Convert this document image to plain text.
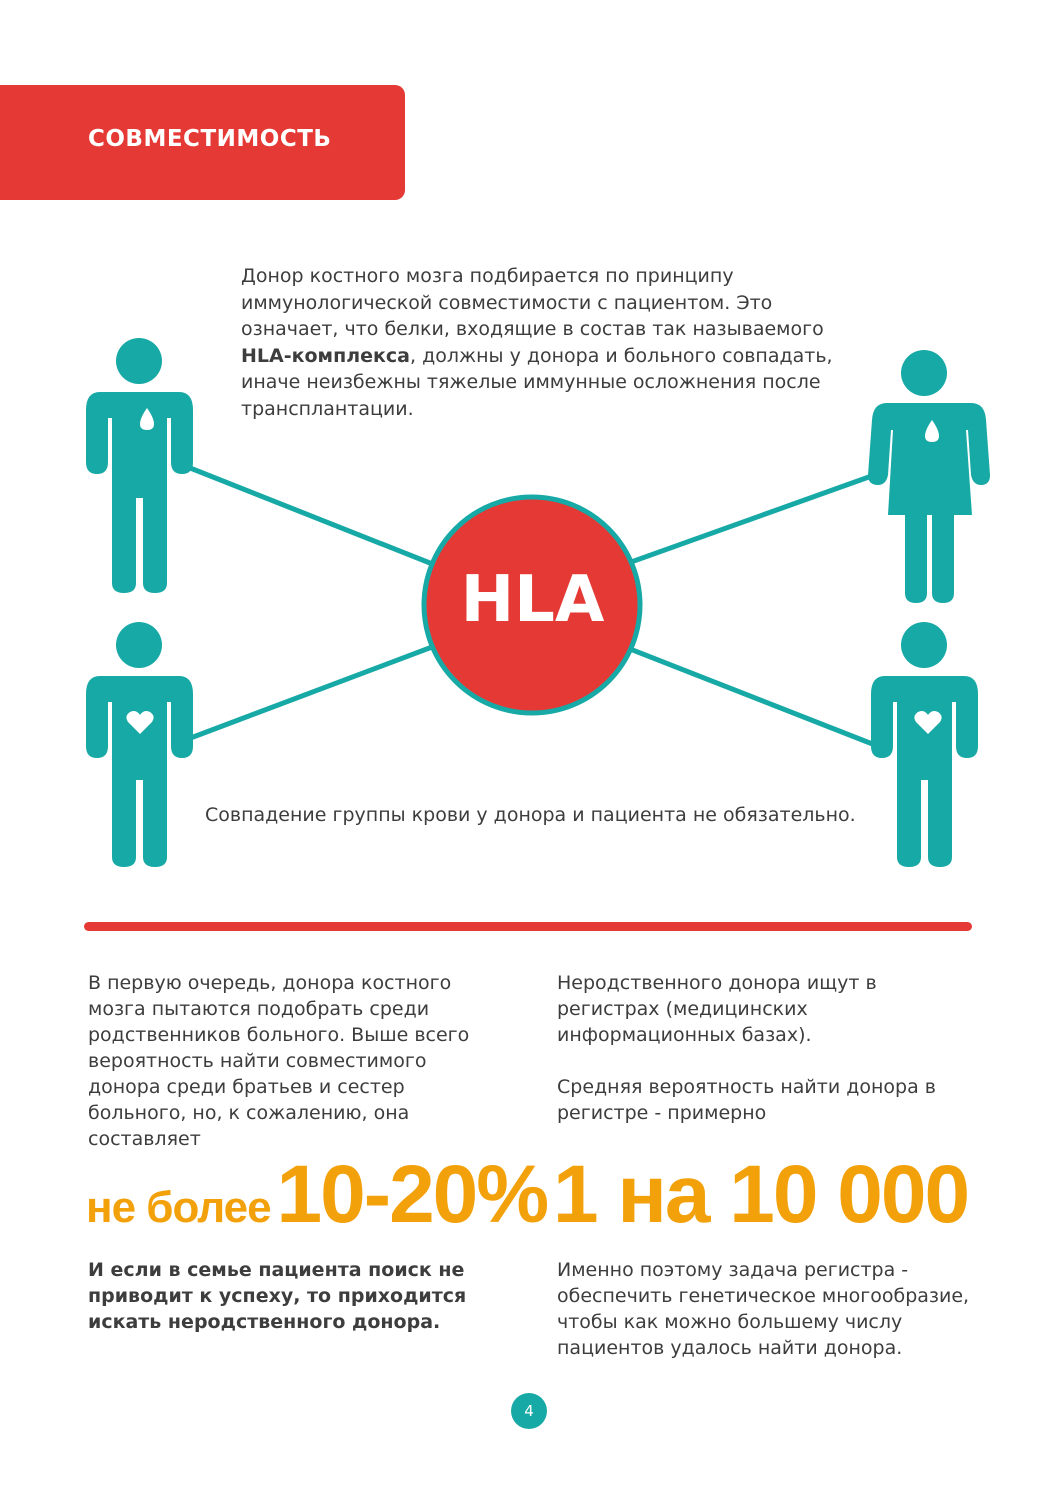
СОВМЕСТИМОСТЬ
Донор костного мозга подбирается по принципу иммунологической совместимости с пациентом. Это означает, что белки, входящие в состав так называемого HLA-комплекса, должны у донора и больного совпадать, иначе неизбежны тяжелые иммунные осложнения после трансплантации.
HLA
Совпадение группы крови у донора и пациента не обязательно.

В первую очередь, донора костного мозга пытаются подобрать среди родственников больного. Выше всего вероятность найти совместимого донора среди братьев и сестер больного, но, к сожалению, она составляет

Неродственного донора ищут в регистрах (медицинских информационных базах).

Средняя вероятность найти донора в регистре - примерно

не более10-20% 1 на 10 000
И если в семье пациента поиск не приводит к успеху, то приходится искать неродственного донора.
Именно поэтому задача регистра - обеспечить генетическое многообразие, чтобы как можно большему числу пациентов удалось найти донора.
4
